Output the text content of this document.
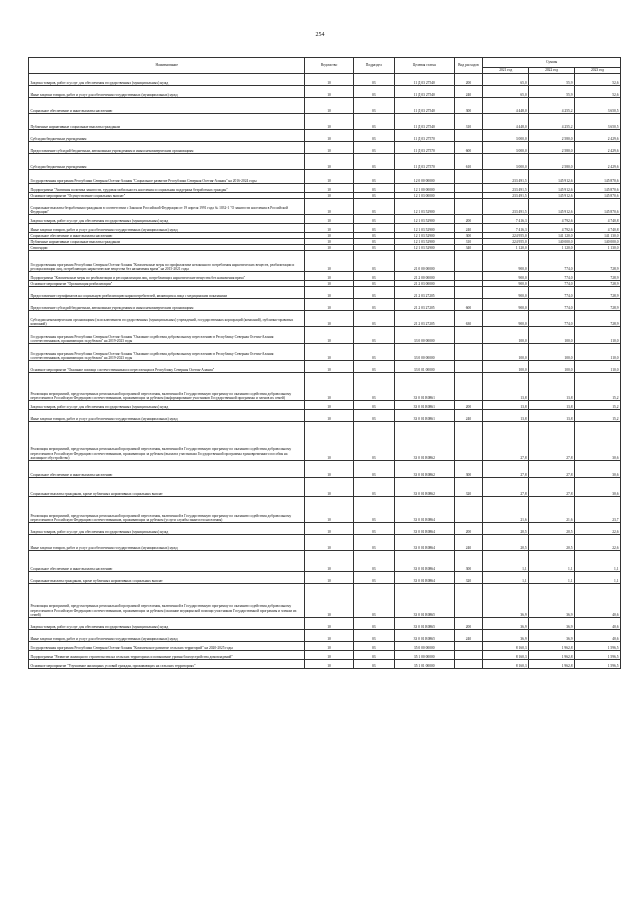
254
Наименование	Ведомство	Подраздел	Целевая статья	Вид расходов	Суммы		
					2021 год	2022 год	2023 год
Закупка товаров, работ и услуг для обеспечения государственных (муниципальных) нужд	10	03	11 Д 03 27540	200	65,0	55,9	52,6
Иные закупки товаров, работ и услуг для обеспечения государственных (муниципальных) нужд	10	03	11 Д 03 27540	240	65,0	55,9	52,6
Социальное обеспечение и иные выплаты населению	10	03	11 Д 03 27540	300	4 448,0	4 255,2	3 650,5
Публичные нормативные социальные выплаты гражданам	10	03	11 Д 03 27540	310	4 448,0	4 255,2	3 650,5
Субсидии бюджетным учреждениям	10	03	11 Д 03 27570		3 000,0	2 580,0	2 429,6
Предоставление субсидий бюджетным, автономным учреждениям и иным некоммерческим организациям	10	03	11 Д 03 27570	600	3 000,0	2 580,0	2 429,6
Субсидии бюджетным учреждениям	10	03	11 Д 03 27570	610	3 000,0	2 580,0	2 429,6
Государственная программа Республики Северная Осетия-Алания "Социальное развитие Республики Северная Осетия-Алания" на 2016-2024 годы	10	03	12 0 00 00000		233 491,5	145 912,6	145 870,6
Подпрограмма "Активная политика занятости, трудовая мобильность населения и социальная поддержка безработных граждан"	10	03	12 1 00 00000		233 491,5	145 912,6	145 870,6
Основное мероприятие "Осуществление социальных выплат"	10	03	12 1 03 00000		233 491,5	145 912,6	145 870,6
Социальные выплаты безработным гражданам в соответствии с Законом Российской Федерации от 19 апреля 1991 года № 1032-1 "О занятости населения в Российской Федерации"	10	03	12 1 03 52900		233 491,5	145 912,6	145 870,6
Закупка товаров, работ и услуг для обеспечения государственных (муниципальных) нужд	10	03	12 1 03 52900	200	7 416,3	4 792,6	4 740,8
Иные закупки товаров, работ и услуг для обеспечения государственных (муниципальных) нужд	10	03	12 1 03 52900	240	7 416,3	4 792,6	4 740,8
Социальное обеспечение и иные выплаты населению	10	03	12 1 03 52900	300	224 955,0	141 120,0	141 130,0
Публичные нормативные социальные выплаты гражданам	10	03	12 1 03 52900	310	224 955,0	140 000,0	140 000,0
Стипендии	10	03	12 1 03 52900	340	1 120,0	1 120,0	1 130,0
Государственная программа Республики Северная Осетия-Алания "Комплексные меры по профилактике незаконного потребления наркотических веществ, реабилитации и ресоциализации лиц, потребляющих наркотические вещества без назначения врача" на 2015-2021 годы	10	03	21 0 00 00000		900,0	774,0	728,9
Подпрограмма "Комплексные меры по реабилитации и ресоциализации лиц, потребляющих наркотические вещества без назначения врача"	10	03	21 2 00 00000		900,0	774,0	728,9
Основное мероприятие "Организация реабилитации"	10	03	21 2 03 00000		900,0	774,0	728,9
Предоставление сертификатов на социальную реабилитацию наркопотребителей, являющихся лица с медицинским показаниям	10	03	21 2 03 27205		900,0	774,0	728,9
Предоставление субсидий бюджетным, автономным учреждениям и иным некоммерческим организациям	10	03	21 2 03 27205	600	900,0	774,0	728,9
Субсидии некоммерческим организациям (за исключением государственных (муниципальных) учреждений, государственных корпораций (компаний), публично-правовых компаний)	10	03	21 2 03 27205	630	900,0	774,0	728,9
Государственная программа Республики Северная Осетия-Алания "Оказание содействия добровольному переселению в Республику Северная Осетия-Алания соотечественников, проживающих за рубежом" на 2019-2023 годы	10	03	33 0 00 00000		100,0	100,0	110,0
Государственная программа Республики Северная Осетия-Алания "Оказание содействия добровольному переселению в Республику Северная Осетия-Алания соотечественников, проживающих за рубежом" на 2019-2023 годы	10	03	33 0 00 00000		100,0	100,0	110,0
Основное мероприятие "Оказание помощи соотечественникам и переселенцам в Республику Северная Осетия-Алания"	10	03	33 0 01 00000		100,0	100,0	110,0
Реализация мероприятий, предусмотренных региональной программой переселения, включенной в Государственную программу по оказанию содействия добровольному переселению в Российскую Федерацию соотечественников, проживающих за рубежом (информирование участников Государственной программы и членов их семей)	10	03	33 0 01 R0861		13,8	13,8	15,2
Закупка товаров, работ и услуг для обеспечения государственных (муниципальных) нужд	10	03	33 0 01 R0861	200	13,8	13,8	15,2
Иные закупки товаров, работ и услуг для обеспечения государственных (муниципальных) нужд	10	03	33 0 01 R0861	240	13,8	13,8	15,2
Реализация мероприятий, предусмотренных региональной программой переселения, включенной в Государственную программу по оказанию содействия добровольному переселению в Российскую Федерацию соотечественников, проживающих за рубежом (выплата участникам Государственной программы единовременного пособия на жилищное обустройство)	10	03	33 0 01 R0862		27,8	27,8	30,6
Социальное обеспечение и иные выплаты населению	10	03	33 0 01 R0862	300	27,8	27,8	30,6
Социальные выплаты гражданам, кроме публичных нормативных социальных выплат	10	03	33 0 01 R0862	320	27,8	27,8	30,6
Реализация мероприятий, предусмотренных региональной программой переселения, включенной в Государственную программу по оказанию содействия добровольному переселению в Российскую Федерацию соотечественников, проживающих за рубежом (услуги службы занятости населения)	10	03	33 0 01 R0864		21,6	21,6	23,7
Закупка товаров, работ и услуг для обеспечения государственных (муниципальных) нужд	10	03	33 0 01 R0864	200	20,5	20,5	22,6
Иные закупки товаров, работ и услуг для обеспечения государственных (муниципальных) нужд	10	03	33 0 01 R0864	240	20,5	20,5	22,6
Социальное обеспечение и иные выплаты населению	10	03	33 0 01 R0864	300	1,1	1,1	1,1
Социальные выплаты гражданам, кроме публичных нормативных социальных выплат	10	03	33 0 01 R0864	320	1,1	1,1	1,1
Реализация мероприятий, предусмотренных региональной программой переселения, включенной в Государственную программу по оказанию содействия добровольному переселению в Российскую Федерацию соотечественников, проживающих за рубежом (оказание медицинской помощи участникам Государственной программы и членам их семей)	10	03	33 0 01 R0865		36,9	36,9	40,6
Закупка товаров, работ и услуг для обеспечения государственных (муниципальных) нужд	10	03	33 0 01 R0865	200	36,9	36,9	40,6
Иные закупки товаров, работ и услуг для обеспечения государственных (муниципальных) нужд	10	03	33 0 01 R0865	240	36,9	36,9	40,6
Государственная программа Республики Северная Осетия-Алания "Комплексное развитие сельских территорий" на 2020-2025 годы	10	03	35 0 00 00000		8 160,3	1 962,8	1 596,5
Подпрограмма "Развитие жилищного строительства на сельских территориях и повышение уровня благоустройства домовладений"	10	03	35 1 00 00000		8 160,3	1 962,8	1 596,5
Основное мероприятие "Улучшение жилищных условий граждан, проживающих на сельских территориях"	10	03	35 1 01 00000		8 160,3	1 962,8	1 596,5
